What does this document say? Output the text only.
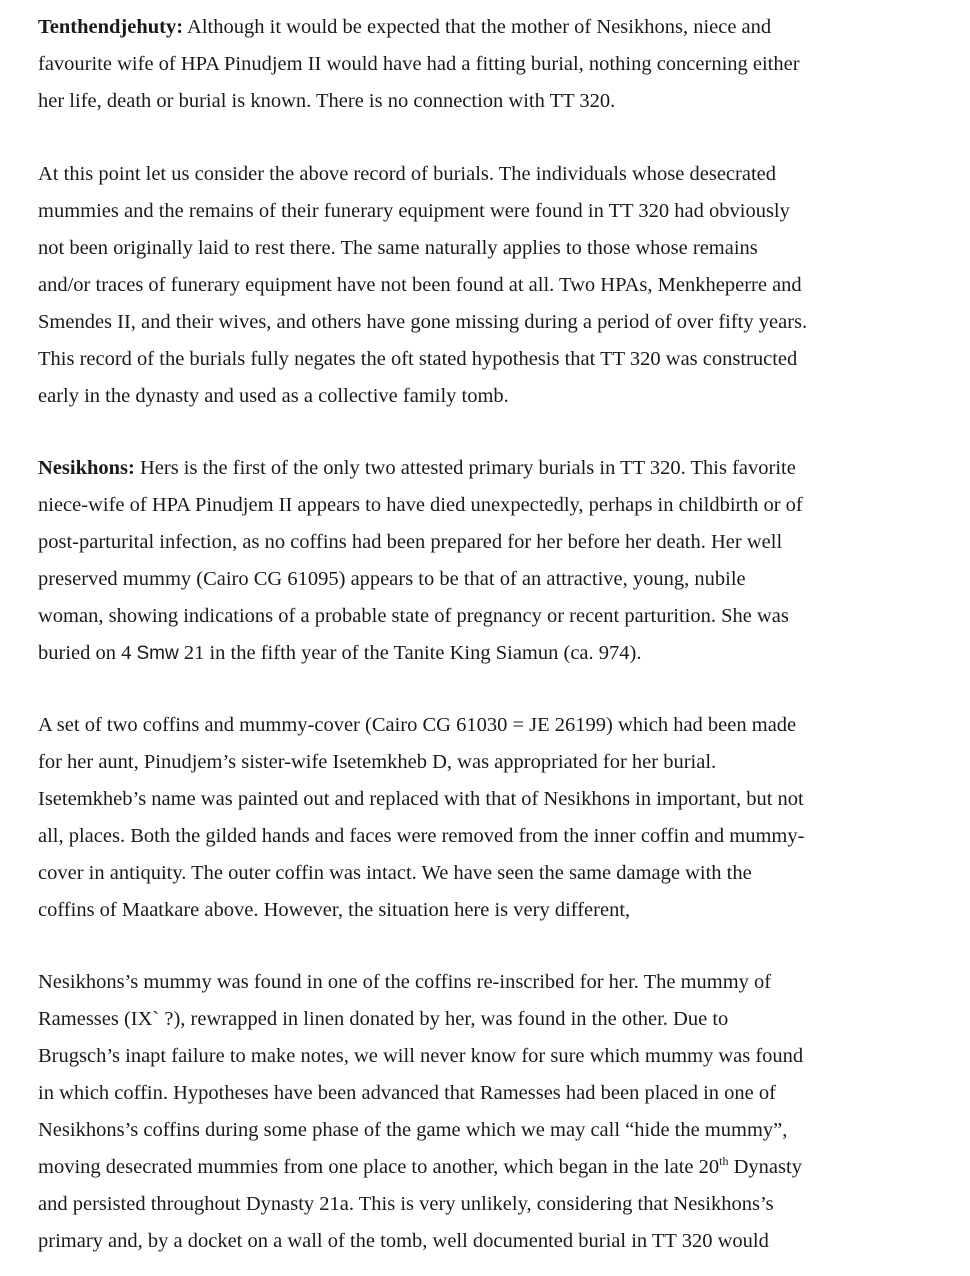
Tenthendjehuty: Although it would be expected that the mother of Nesikhons, niece and
favourite wife of HPA Pinudjem II would have had a fitting burial, nothing concerning either
her life, death or burial is known. There is no connection with TT 320.
At this point let us consider the above record of burials. The individuals whose desecrated
mummies and the remains of their funerary equipment were found in TT 320 had obviously
not been originally laid to rest there. The same naturally applies to those whose remains
and/or traces of funerary equipment have not been found at all. Two HPAs, Menkheperre and
Smendes II, and their wives, and others have gone missing during a period of over fifty years.
This record of the burials fully negates the oft stated hypothesis that TT 320 was constructed
early in the dynasty and used as a collective family tomb.
Nesikhons: Hers is the first of the only two attested primary burials in TT 320. This favorite
niece-wife of HPA Pinudjem II appears to have died unexpectedly, perhaps in childbirth or of
post-parturital infection, as no coffins had been prepared for her before her death. Her well
preserved mummy (Cairo CG 61095) appears to be that of an attractive, young, nubile
woman, showing indications of a probable state of pregnancy or recent parturition. She was
buried on 4 Smw 21 in the fifth year of the Tanite King Siamun (ca. 974).
A set of two coffins and mummy-cover (Cairo CG 61030 = JE 26199) which had been made
for her aunt, Pinudjem’s sister-wife Isetemkheb D, was appropriated for her burial.
Isetemkheb’s name was painted out and replaced with that of Nesikhons in important, but not
all, places. Both the gilded hands and faces were removed from the inner coffin and mummy-
cover in antiquity. The outer coffin was intact. We have seen the same damage with the
coffins of Maatkare above. However, the situation here is very different,
Nesikhons’s mummy was found in one of the coffins re-inscribed for her. The mummy of
Ramesses (IX` ?), rewrapped in linen donated by her, was found in the other. Due to
Brugsch’s inapt failure to make notes, we will never know for sure which mummy was found
in which coffin. Hypotheses have been advanced that Ramesses had been placed in one of
Nesikhons’s coffins during some phase of the game which we may call “hide the mummy”,
moving desecrated mummies from one place to another, which began in the late 20th Dynasty
and persisted throughout Dynasty 21a. This is very unlikely, considering that Nesikhons’s
primary and, by a docket on a wall of the tomb, well documented burial in TT 320 would
